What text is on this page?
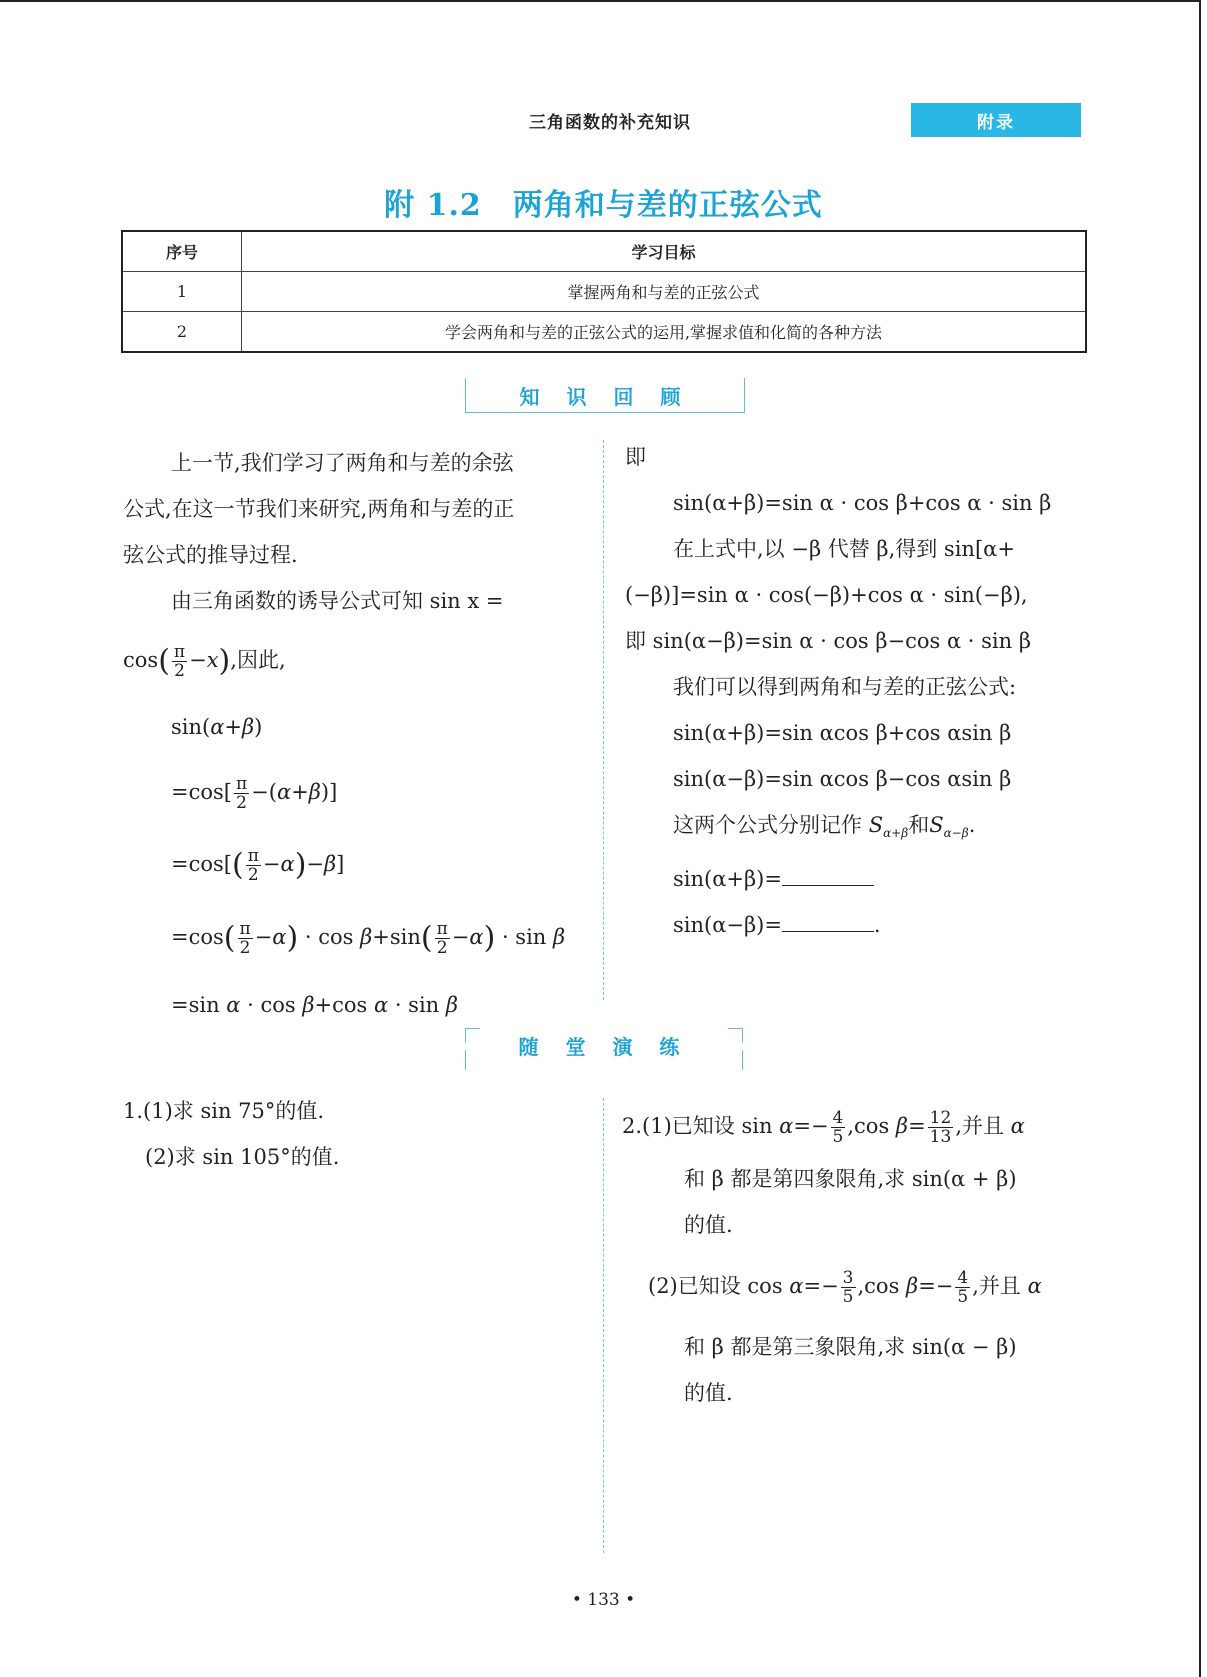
三角函数的补充知识	附录
附 1.2　两角和与差的正弦公式
序号	学习目标
1	掌握两角和与差的正弦公式
2	学会两角和与差的正弦公式的运用,掌握求值和化简的各种方法
知 识 回 顾

上一节,我们学习了两角和与差的余弦

公式,在这一节我们来研究,两角和与差的正

弦公式的推导过程.

由三角函数的诱导公式可知 sin x =

$\cos( \frac{\pi}{2} -x)$,因此,

sin(α+β)

$=\cos[ \frac{\pi}{2} -(\alpha+\beta)]$

$=\cos[( \frac{\pi}{2} -\alpha)-\beta]$

$=\cos( \frac{\pi}{2} -\alpha) \cdot \cos \beta+\sin( \frac{\pi}{2} -\alpha) \cdot \sin \beta$

=sin α · cos β+cos α · sin β

即

sin(α+β)=sin α · cos β+cos α · sin β

在上式中,以 −β 代替 β,得到 sin[α+

(−β)]=sin α · cos(−β)+cos α · sin(−β),

即 sin(α−β)=sin α · cos β−cos α · sin β

我们可以得到两角和与差的正弦公式:

sin(α+β)=sin αcos β+cos αsin β

sin(α−β)=sin αcos β−cos αsin β

这两个公式分别记作 $S_{\alpha+\beta}$和$S_{\alpha-\beta}$.

sin(α+β)=

sin(α−β)=	.

随 堂 演 练

1.(1)求 sin 75°的值.

(2)求 sin 105°的值.

2.(1)已知设 $\sin \alpha=- \frac{4}{5} ,\cos$ $\beta= \frac{12}{13}$ ,并且 α

和 β 都是第四象限角,求 sin(α + β)

的值.

(2)已知设 $\cos \alpha=- \frac{3}{5} ,\cos$ $\beta=- \frac{4}{5}$ ,并且 α

和 β 都是第三象限角,求 sin(α − β)

的值.

• 133 •
